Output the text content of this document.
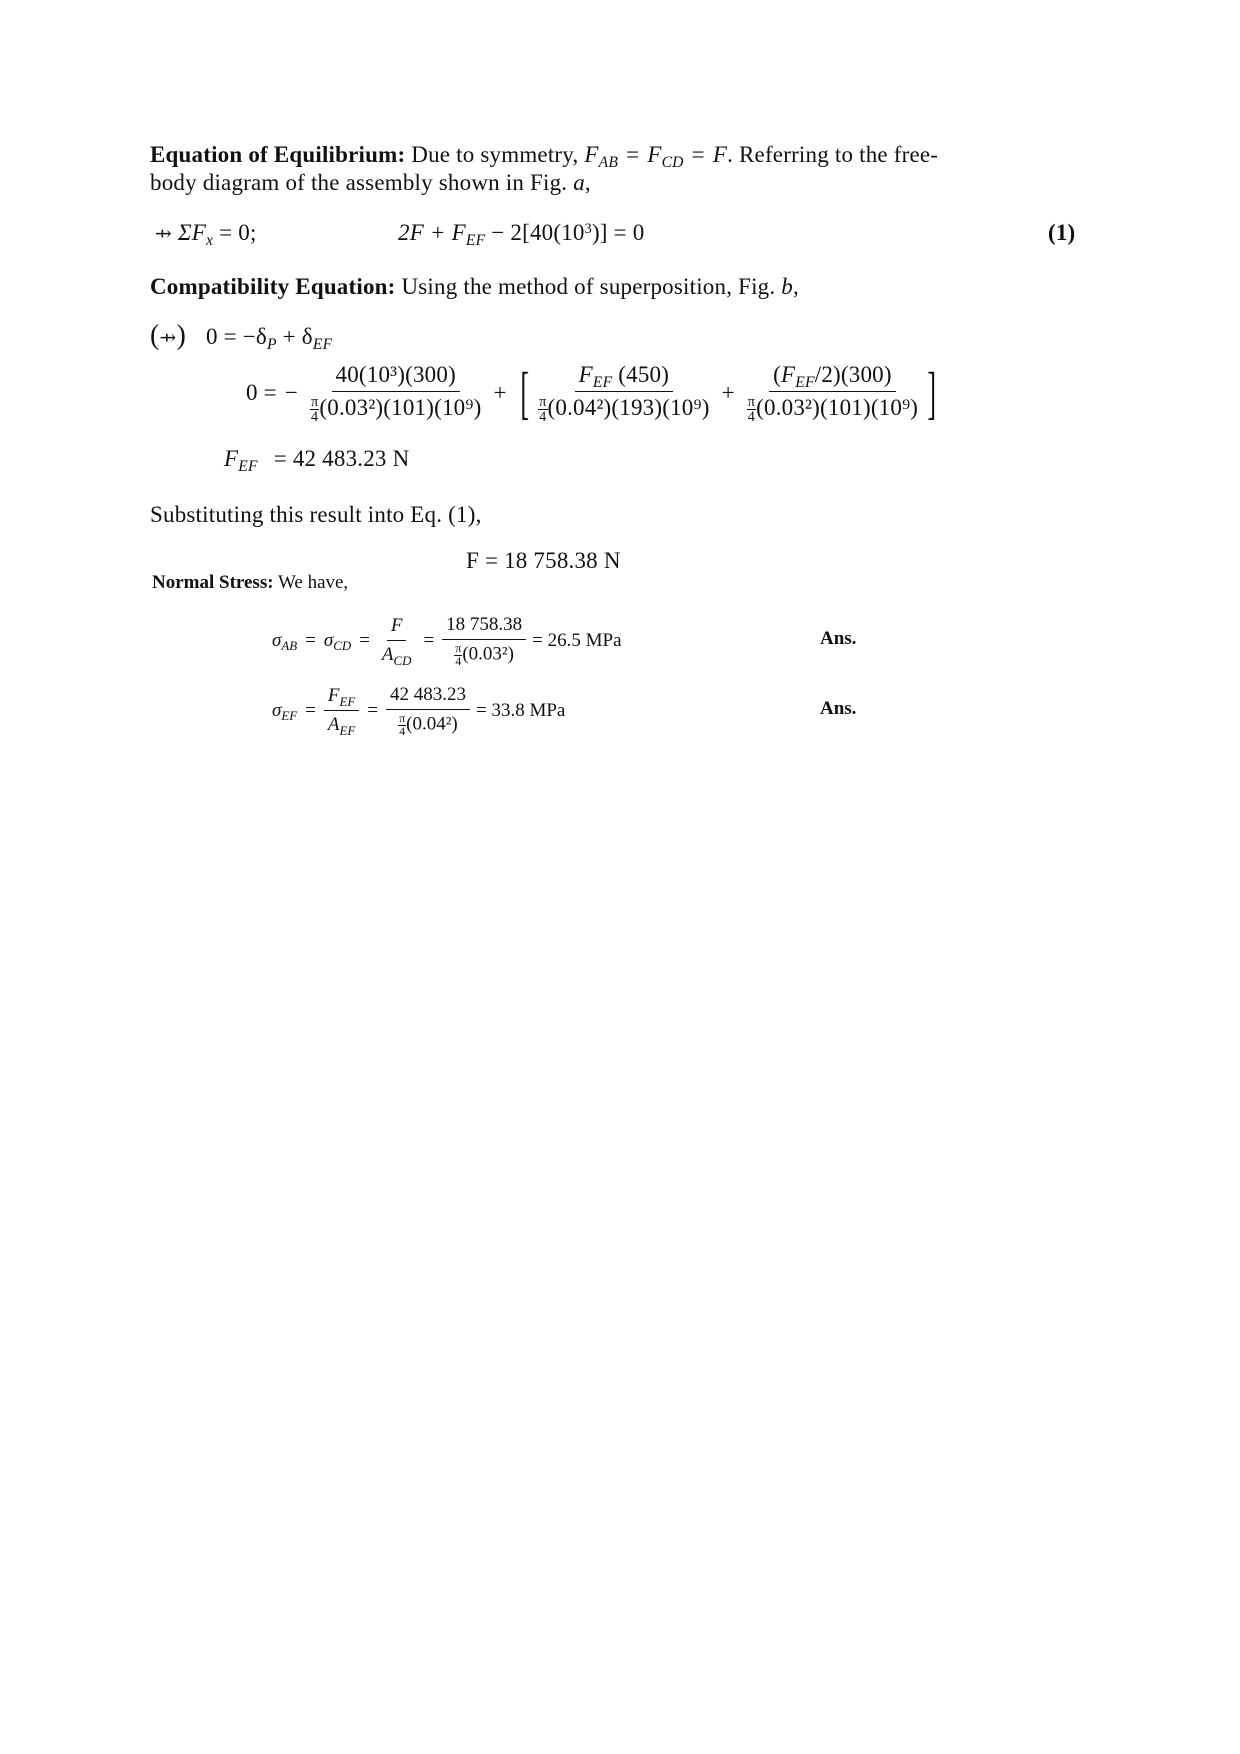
Equation of Equilibrium: Due to symmetry, $F_{AB} = F_{CD} = F$. Referring to the free-
body diagram of the assembly shown in Fig. a,
⇸ $\Sigma F_x = 0$;	$2F + F_{EF} - 2[40(10^3)] = 0$	(1)
Compatibility Equation: Using the method of superposition, Fig. b,
(⇸) $0 = -\delta_P + \delta_{EF}$
0 = − $\frac{\text{40(10³)(300)}}{\frac{\pi}{4} (0.03^2)(101)(10^9)}$ + [ $\frac{F_{EF} (450)}{\frac{\pi}{4} (0.04^2)(193)(10^9)} + \frac{(F_{EF}/2)(300)}{\frac{\pi}{4} (0.03^2)(101)(10^9)}$ ]
$F_{EF} = 42$ 483.23 N
Substituting this result into Eq. (1),
F = 18 758.38 N
Normal Stress: We have,
$\sigma_{AB} = \sigma_{CD} = \frac{F}{A_{CD}} = \frac{18 758.38}{\frac{\pi}{4} (0.03^2)} = 26.5$ MPa	Ans.
$\sigma_{EF} = \frac{F_{EF}}{A_{EF}} = \frac{42 483.23}{\frac{\pi}{4} (0.04^2)} = 33.8$ MPa	Ans.
